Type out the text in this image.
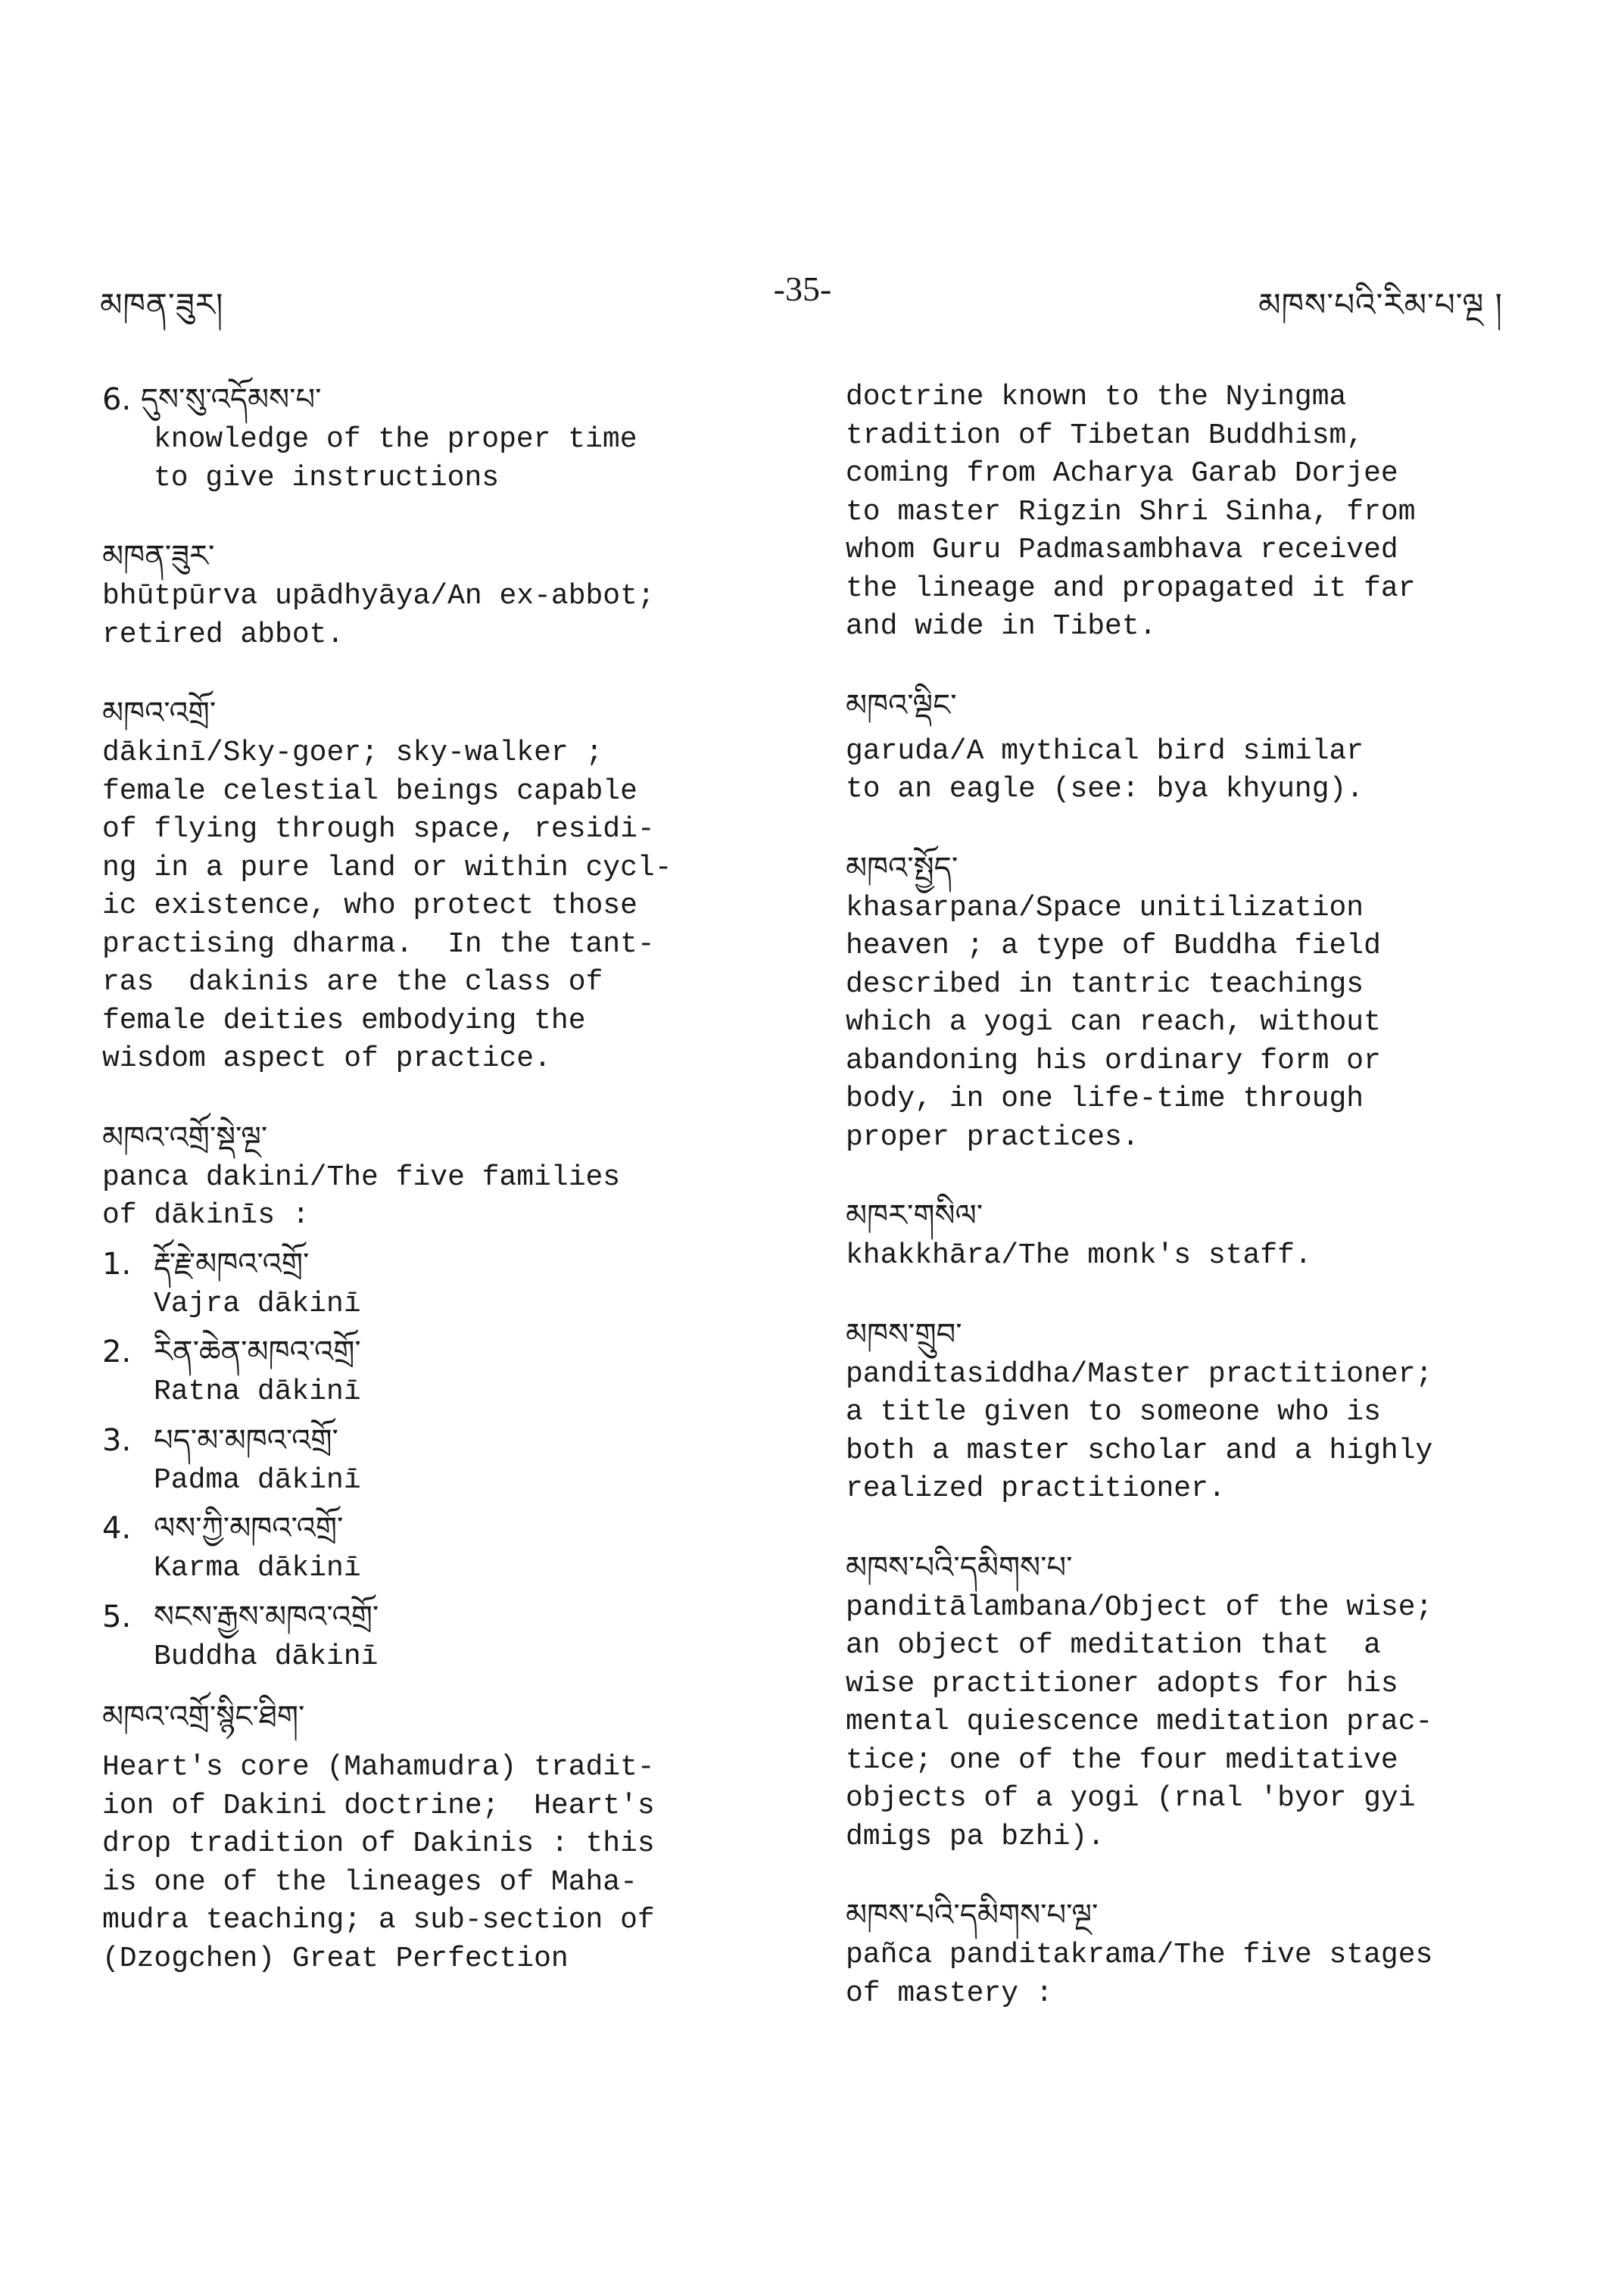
མཁན་ཟུར།	-35-	མཁས་པའི་རིམ་པ་ལྔ །
6. དུས་སུ་འདོམས་པ་
knowledge of the proper time
to give instructions
མཁན་ཟུར་
bhūtpūrva upādhyāya/An ex-abbot;
retired abbot.
མཁའ་འགྲོ་
dākinī/Sky-goer; sky-walker ;
female celestial beings capable
of flying through space, residi-
ng in a pure land or within cycl-
ic existence, who protect those
practising dharma.  In the tant-
ras  dakinis are the class of
female deities embodying the
wisdom aspect of practice.
མཁའ་འགྲོ་སྡེ་ལྔ་
panca dakini/The five families
of dākinīs :
1. རྡོ་རྗེ་མཁའ་འགྲོ་
Vajra dākinī
2. རིན་ཆེན་མཁའ་འགྲོ་
Ratna dākinī
3. པད་མ་མཁའ་འགྲོ་
Padma dākinī
4. ལས་ཀྱི་མཁའ་འགྲོ་
Karma dākinī
5. སངས་རྒྱས་མཁའ་འགྲོ་
Buddha dākinī
མཁའ་འགྲོ་སྙིང་ཐིག་
Heart's core (Mahamudra) tradit-
ion of Dakini doctrine;  Heart's
drop tradition of Dakinis : this
is one of the lineages of Maha-
mudra teaching; a sub-section of
(Dzogchen) Great Perfection
doctrine known to the Nyingma
tradition of Tibetan Buddhism,
coming from Acharya Garab Dorjee
to master Rigzin Shri Sinha, from
whom Guru Padmasambhava received
the lineage and propagated it far
and wide in Tibet.
མཁའ་ལྡིང་
garuda/A mythical bird similar
to an eagle (see: bya khyung).
མཁའ་སྤྱོད་
khasarpana/Space unitilization
heaven ; a type of Buddha field
described in tantric teachings
which a yogi can reach, without
abandoning his ordinary form or
body, in one life-time through
proper practices.
མཁར་གསིལ་
khakkhāra/The monk's staff.
མཁས་གྲུབ་
panditasiddha/Master practitioner;
a title given to someone who is
both a master scholar and a highly
realized practitioner.
མཁས་པའི་དམིགས་པ་
panditālambana/Object of the wise;
an object of meditation that  a
wise practitioner adopts for his
mental quiescence meditation prac-
tice; one of the four meditative
objects of a yogi (rnal 'byor gyi
dmigs pa bzhi).
མཁས་པའི་དམིགས་པ་ལྔ་
pañca panditakrama/The five stages
of mastery :
